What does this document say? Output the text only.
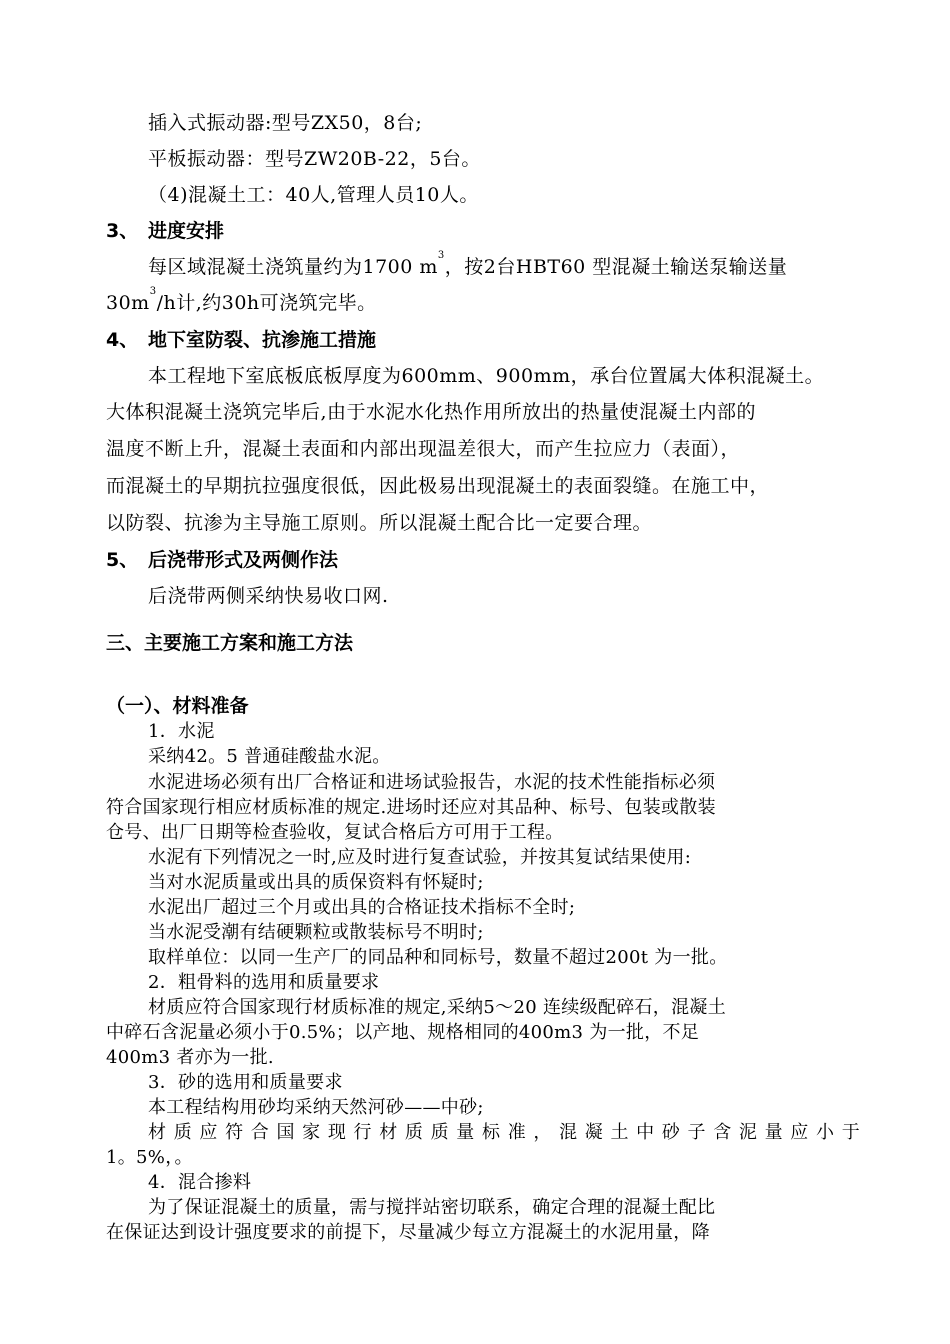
插入式振动器:型号ZX50，8台;
平板振动器：型号ZW20B-22，5台。
（4)混凝土工：40人,管理人员10人。
3、 进度安排
每区域混凝土浇筑量约为1700 $m^3$，按2台HBT60 型混凝土输送泵输送量
$30m^3/h$计,约30h可浇筑完毕。
4、 地下室防裂、抗渗施工措施
本工程地下室底板底板厚度为600mm、900mm，承台位置属大体积混凝土。
大体积混凝土浇筑完毕后,由于水泥水化热作用所放出的热量使混凝土内部的
温度不断上升，混凝土表面和内部出现温差很大，而产生拉应力（表面），
而混凝土的早期抗拉强度很低，因此极易出现混凝土的表面裂缝。在施工中，
以防裂、抗渗为主导施工原则。所以混凝土配合比一定要合理。
5、 后浇带形式及两侧作法
后浇带两侧采纳快易收口网.
三、主要施工方案和施工方法
（一）、材料准备
1．水泥
采纳42。5 普通硅酸盐水泥。
水泥进场必须有出厂合格证和进场试验报告，水泥的技术性能指标必须
符合国家现行相应材质标准的规定.进场时还应对其品种、标号、包装或散装
仓号、出厂日期等检查验收，复试合格后方可用于工程。
水泥有下列情况之一时,应及时进行复查试验，并按其复试结果使用:
当对水泥质量或出具的质保资料有怀疑时;
水泥出厂超过三个月或出具的合格证技术指标不全时;
当水泥受潮有结硬颗粒或散装标号不明时;
取样单位：以同一生产厂的同品种和同标号，数量不超过200t 为一批。
2．粗骨料的选用和质量要求
材质应符合国家现行材质标准的规定,采纳5～20 连续级配碎石，混凝土
中碎石含泥量必须小于0.5%；以产地、规格相同的400m3 为一批，不足
400m3 者亦为一批.
3．砂的选用和质量要求
本工程结构用砂均采纳天然河砂——中砂;
材质应符合国家现行材质质量标准，混凝土中砂子含泥量应小于
1。5%，。
4．混合掺料
为了保证混凝土的质量，需与搅拌站密切联系，确定合理的混凝土配比
在保证达到设计强度要求的前提下，尽量减少每立方混凝土的水泥用量，降
